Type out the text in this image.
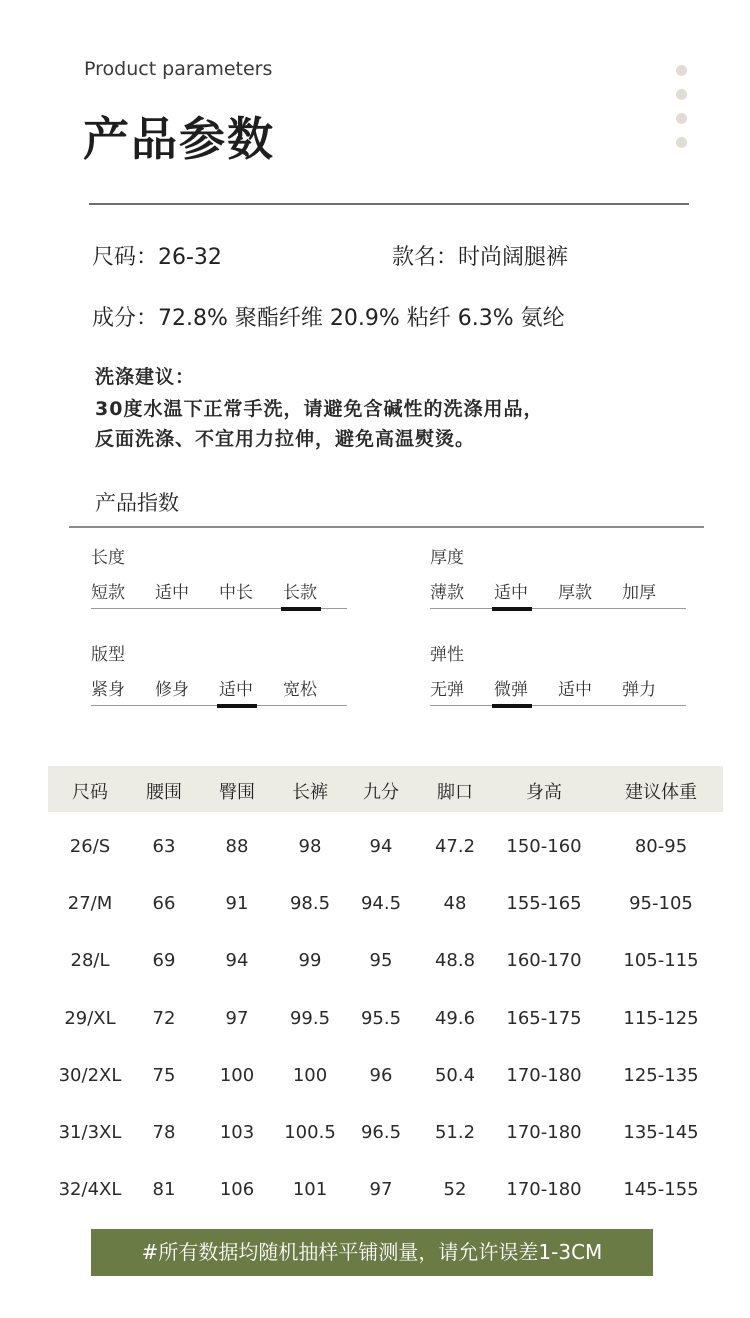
Product parameters
产品参数
尺码：26-32	款名：时尚阔腿裤
成分：72.8% 聚酯纤维 20.9% 粘纤 6.3% 氨纶
洗涤建议：
30度水温下正常手洗，请避免含碱性的洗涤用品，
反面洗涤、不宜用力拉伸，避免高温熨烫。
产品指数
长度
短款	适中	中长	长款
厚度
薄款	适中	厚款	加厚
版型
紧身	修身	适中	宽松
弹性
无弹	微弹	适中	弹力
尺码	腰围	臀围	长裤	九分	脚口	身高	建议体重
26/S	63	88	98	94	47.2	150-160	80-95
27/M	66	91	98.5	94.5	48	155-165	95-105
28/L	69	94	99	95	48.8	160-170	105-115
29/XL	72	97	99.5	95.5	49.6	165-175	115-125
30/2XL	75	100	100	96	50.4	170-180	125-135
31/3XL	78	103	100.5	96.5	51.2	170-180	135-145
32/4XL	81	106	101	97	52	170-180	145-155
#所有数据均随机抽样平铺测量，请允许误差1-3CM
